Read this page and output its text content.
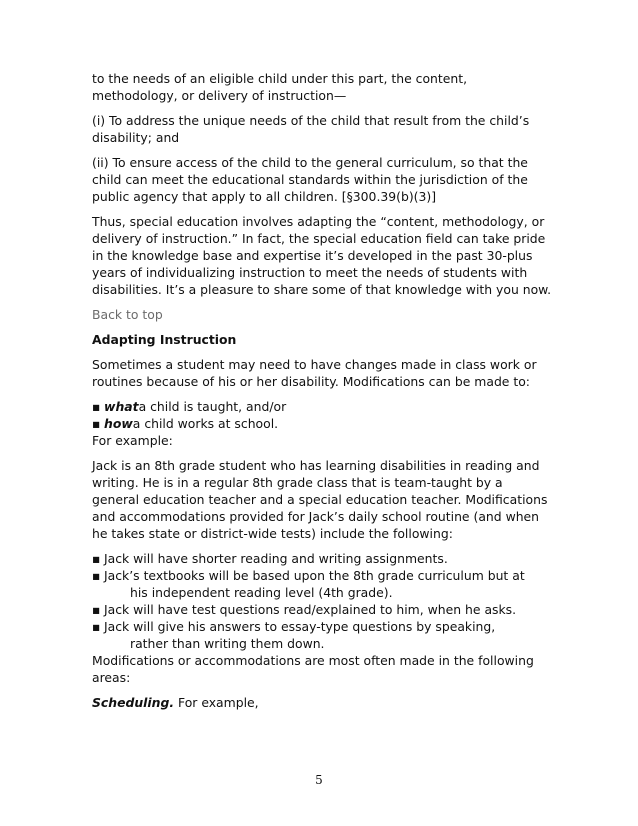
to the needs of an eligible child under this part, the content, methodology, or delivery of instruction—

(i) To address the unique needs of the child that result from the child’s disability; and

(ii) To ensure access of the child to the general curriculum, so that the child can meet the educational standards within the jurisdiction of the public agency that apply to all children. [§300.39(b)(3)]

Thus, special education involves adapting the “content, methodology, or delivery of instruction.” In fact, the special education field can take pride in the knowledge base and expertise it’s developed in the past 30-plus years of individualizing instruction to meet the needs of students with disabilities. It’s a pleasure to share some of that knowledge with you now.

Back to top

Adapting Instruction

Sometimes a student may need to have changes made in class work or routines because of his or her disability. Modifications can be made to:

▪ whata child is taught, and/or
▪ howa child works at school.

For example:

Jack is an 8th grade student who has learning disabilities in reading and writing. He is in a regular 8th grade class that is team-taught by a general education teacher and a special education teacher. Modifications and accommodations provided for Jack’s daily school routine (and when he takes state or district-wide tests) include the following:

▪ Jack will have shorter reading and writing assignments.
▪ Jack’s textbooks will be based upon the 8th grade curriculum but at
his independent reading level (4th grade).
▪ Jack will have test questions read/explained to him, when he asks.
▪ Jack will give his answers to essay-type questions by speaking,
rather than writing them down.

Modifications or accommodations are most often made in the following areas:

Scheduling. For example,

5
